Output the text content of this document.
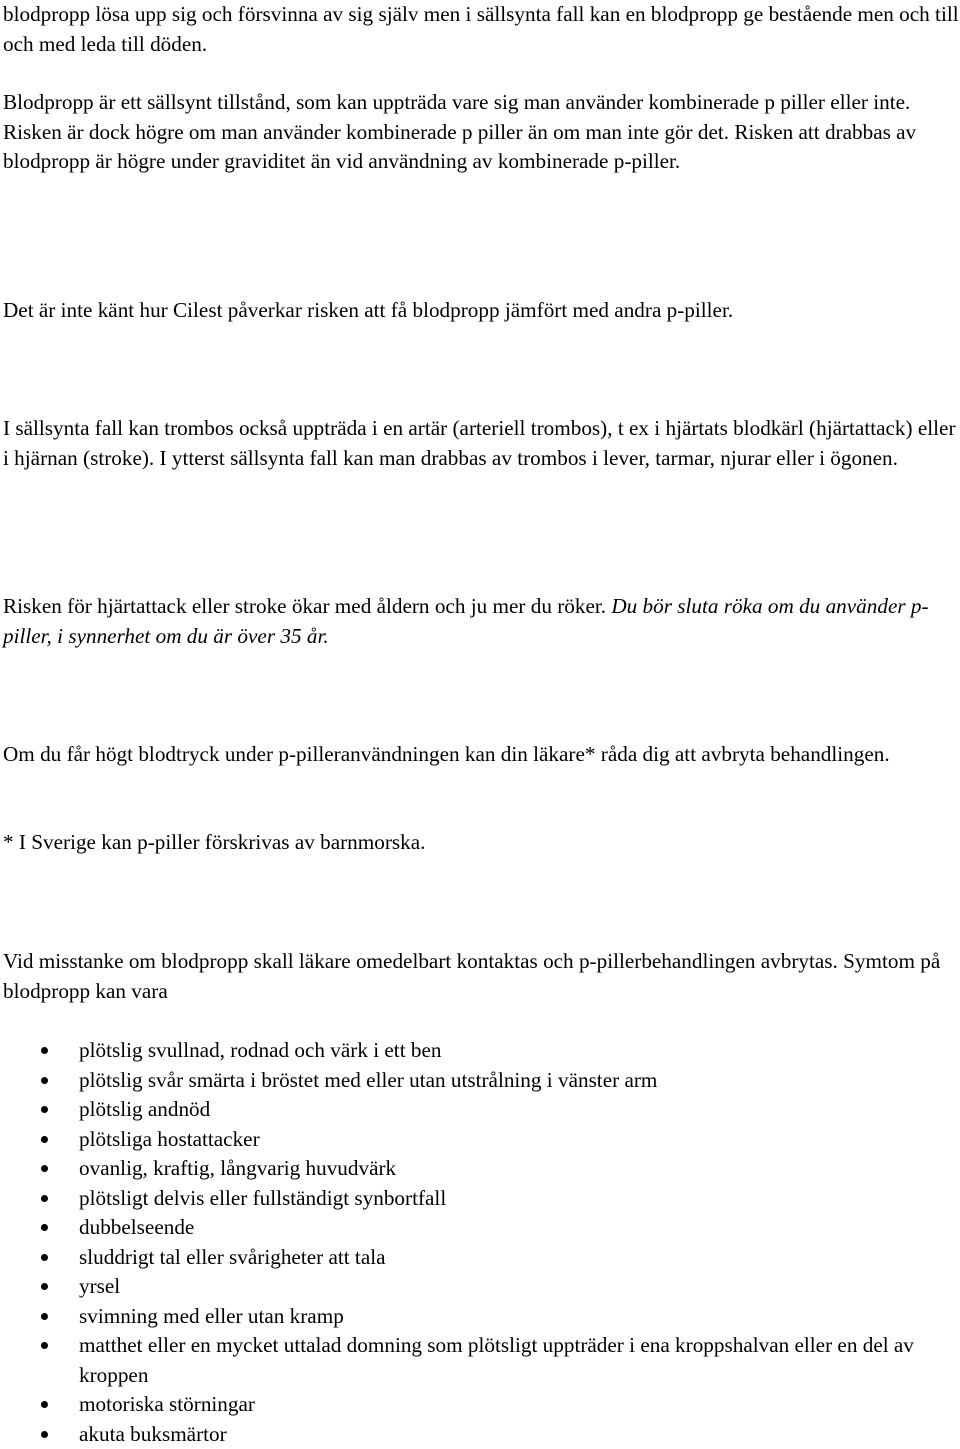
blodpropp lösa upp sig och försvinna av sig själv men i sällsynta fall kan en blodpropp ge bestående men och till och med leda till döden.

Blodpropp är ett sällsynt tillstånd, som kan uppträda vare sig man använder kombinerade p piller eller inte. Risken är dock högre om man använder kombinerade p piller än om man inte gör det. Risken att drabbas av blodpropp är högre under graviditet än vid användning av kombinerade p-piller.

Det är inte känt hur Cilest påverkar risken att få blodpropp jämfört med andra p-piller.

I sällsynta fall kan trombos också uppträda i en artär (arteriell trombos), t ex i hjärtats blodkärl (hjärtattack) eller i hjärnan (stroke). I ytterst sällsynta fall kan man drabbas av trombos i lever, tarmar, njurar eller i ögonen.

Risken för hjärtattack eller stroke ökar med åldern och ju mer du röker. Du bör sluta röka om du använder p-piller, i synnerhet om du är över 35 år.

Om du får högt blodtryck under p-pilleranvändningen kan din läkare* råda dig att avbryta behandlingen.

* I Sverige kan p-piller förskrivas av barnmorska.

Vid misstanke om blodpropp skall läkare omedelbart kontaktas och p-pillerbehandlingen avbrytas. Symtom på blodpropp kan vara

plötslig svullnad, rodnad och värk i ett ben
plötslig svår smärta i bröstet med eller utan utstrålning i vänster arm
plötslig andnöd
plötsliga hostattacker
ovanlig, kraftig, långvarig huvudvärk
plötsligt delvis eller fullständigt synbortfall
dubbelseende
sluddrigt tal eller svårigheter att tala
yrsel
svimning med eller utan kramp
matthet eller en mycket uttalad domning som plötsligt uppträder i ena kroppshalvan eller en del av kroppen
motoriska störningar
akuta buksmärtor
